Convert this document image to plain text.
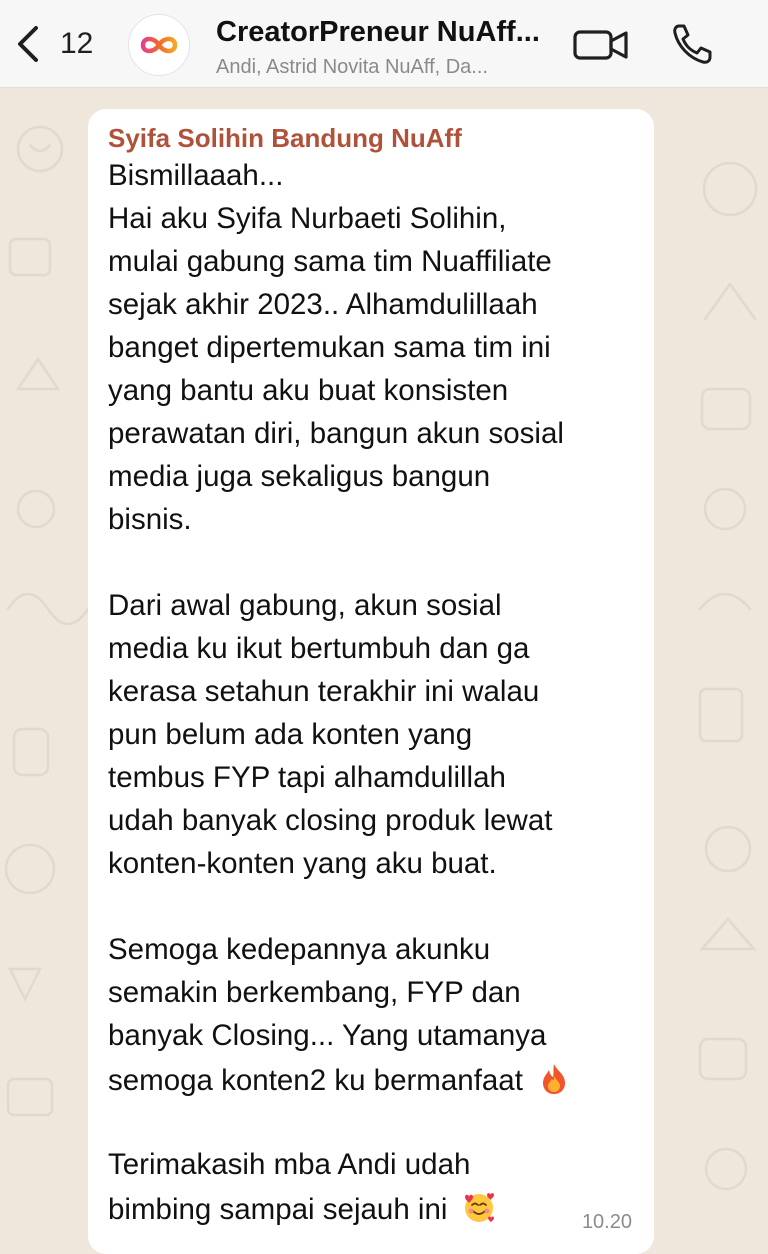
12	CreatorPreneur NuAff...
Andi, Astrid Novita NuAff, Da...
Syifa Solihin Bandung NuAff
Bismillaaah...
Hai aku Syifa Nurbaeti Solihin,
mulai gabung sama tim Nuaffiliate
sejak akhir 2023.. Alhamdulillaah
banget dipertemukan sama tim ini
yang bantu aku buat konsisten
perawatan diri, bangun akun sosial
media juga sekaligus bangun
bisnis.
Dari awal gabung, akun sosial
media ku ikut bertumbuh dan ga
kerasa setahun terakhir ini walau
pun belum ada konten yang
tembus FYP tapi alhamdulillah
udah banyak closing produk lewat
konten-konten yang aku buat.
Semoga kedepannya akunku
semakin berkembang, FYP dan
banyak Closing... Yang utamanya
semoga konten2 ku bermanfaat
Terimakasih mba Andi udah
bimbing sampai sejauh ini	10.20
